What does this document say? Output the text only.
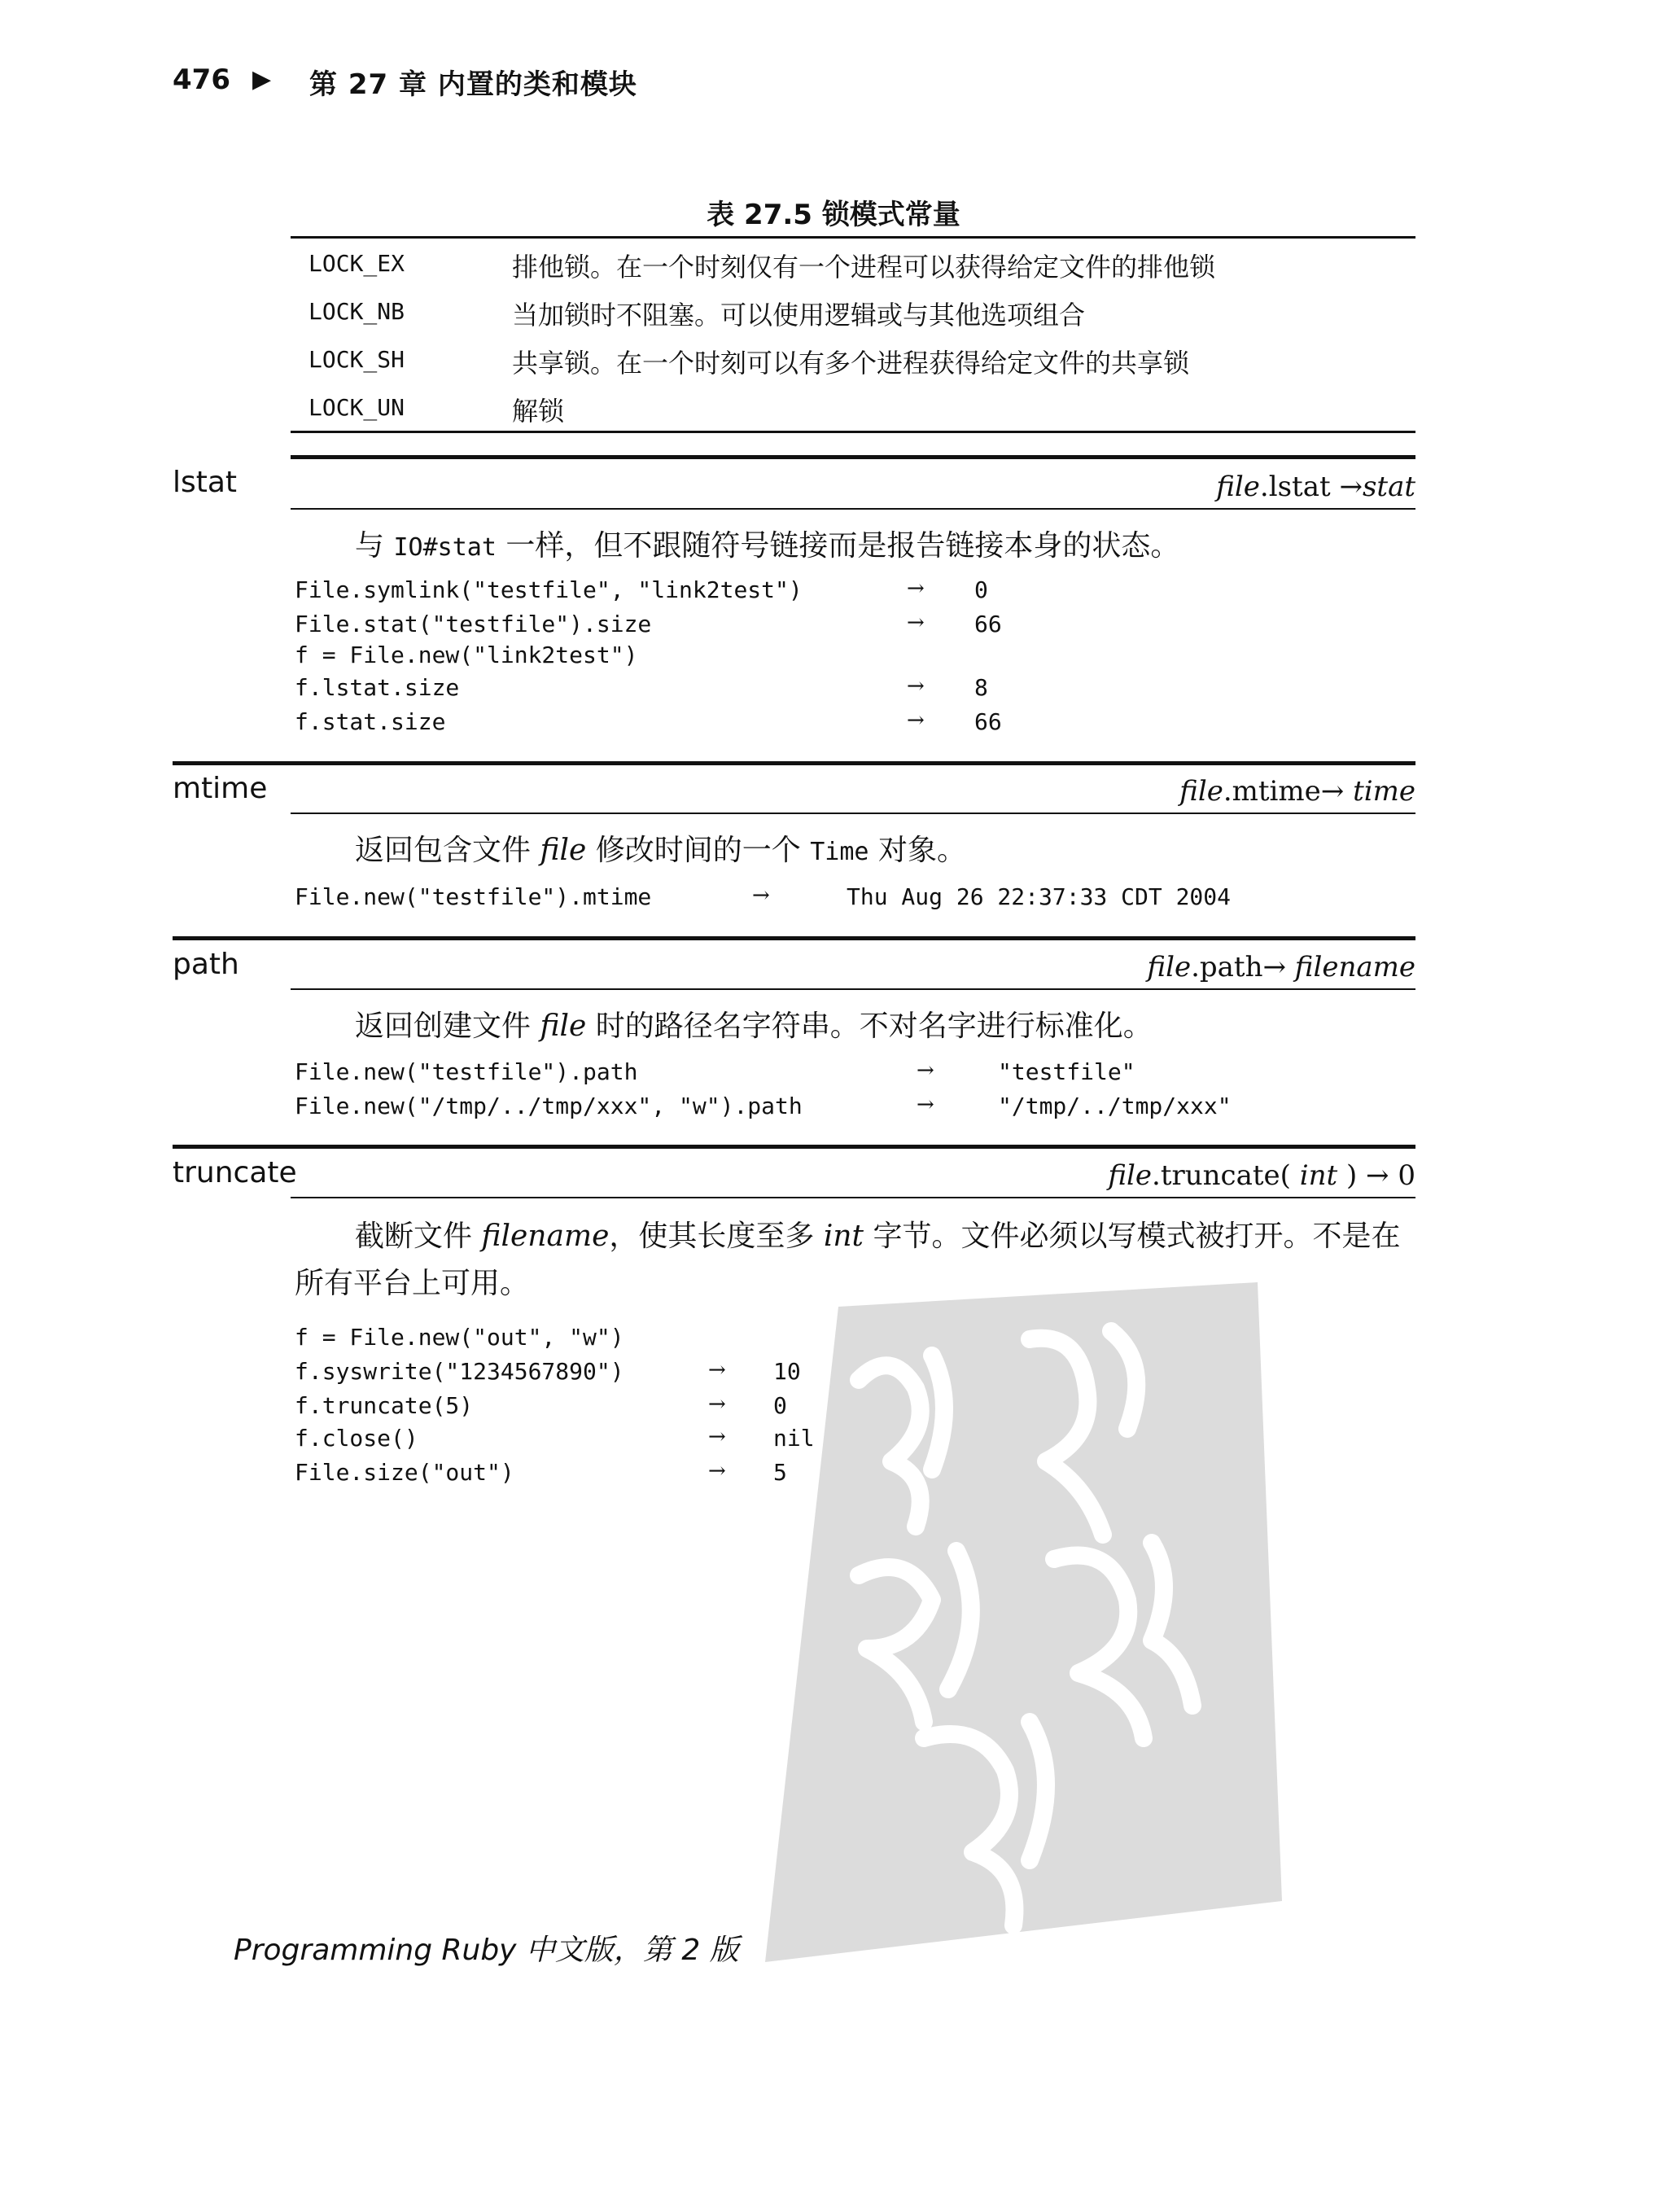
476 ▶ 第 27 章 内置的类和模块
表 27.5 锁模式常量
LOCK_EX	排他锁。在一个时刻仅有一个进程可以获得给定文件的排他锁
LOCK_NB	当加锁时不阻塞。可以使用逻辑或与其他选项组合
LOCK_SH	共享锁。在一个时刻可以有多个进程获得给定文件的共享锁
LOCK_UN	解锁
lstat	file.lstat →stat
与 IO#stat 一样，但不跟随符号链接而是报告链接本身的状态。
File.symlink("testfile", "link2test")	→ 0
File.stat("testfile").size	→ 66
f = File.new("link2test")
f.lstat.size	→ 8
f.stat.size	→ 66
mtime	file.mtime→ time
返回包含文件 file 修改时间的一个 Time 对象。
File.new("testfile").mtime	→	Thu Aug 26 22:37:33 CDT 2004
path	file.path→ filename
返回创建文件 file 时的路径名字符串。不对名字进行标准化。
File.new("testfile").path	→	"testfile"
File.new("/tmp/../tmp/xxx", "w").path	→	"/tmp/../tmp/xxx"
truncate	file.truncate( int ) → 0
截断文件 filename，使其长度至多 int 字节。文件必须以写模式被打开。不是在
所有平台上可用。
f = File.new("out", "w")
f.syswrite("1234567890")	→ 10
f.truncate(5)	→ 0
f.close()	→ nil
File.size("out")	→ 5
Programming Ruby 中文版，第 2 版
